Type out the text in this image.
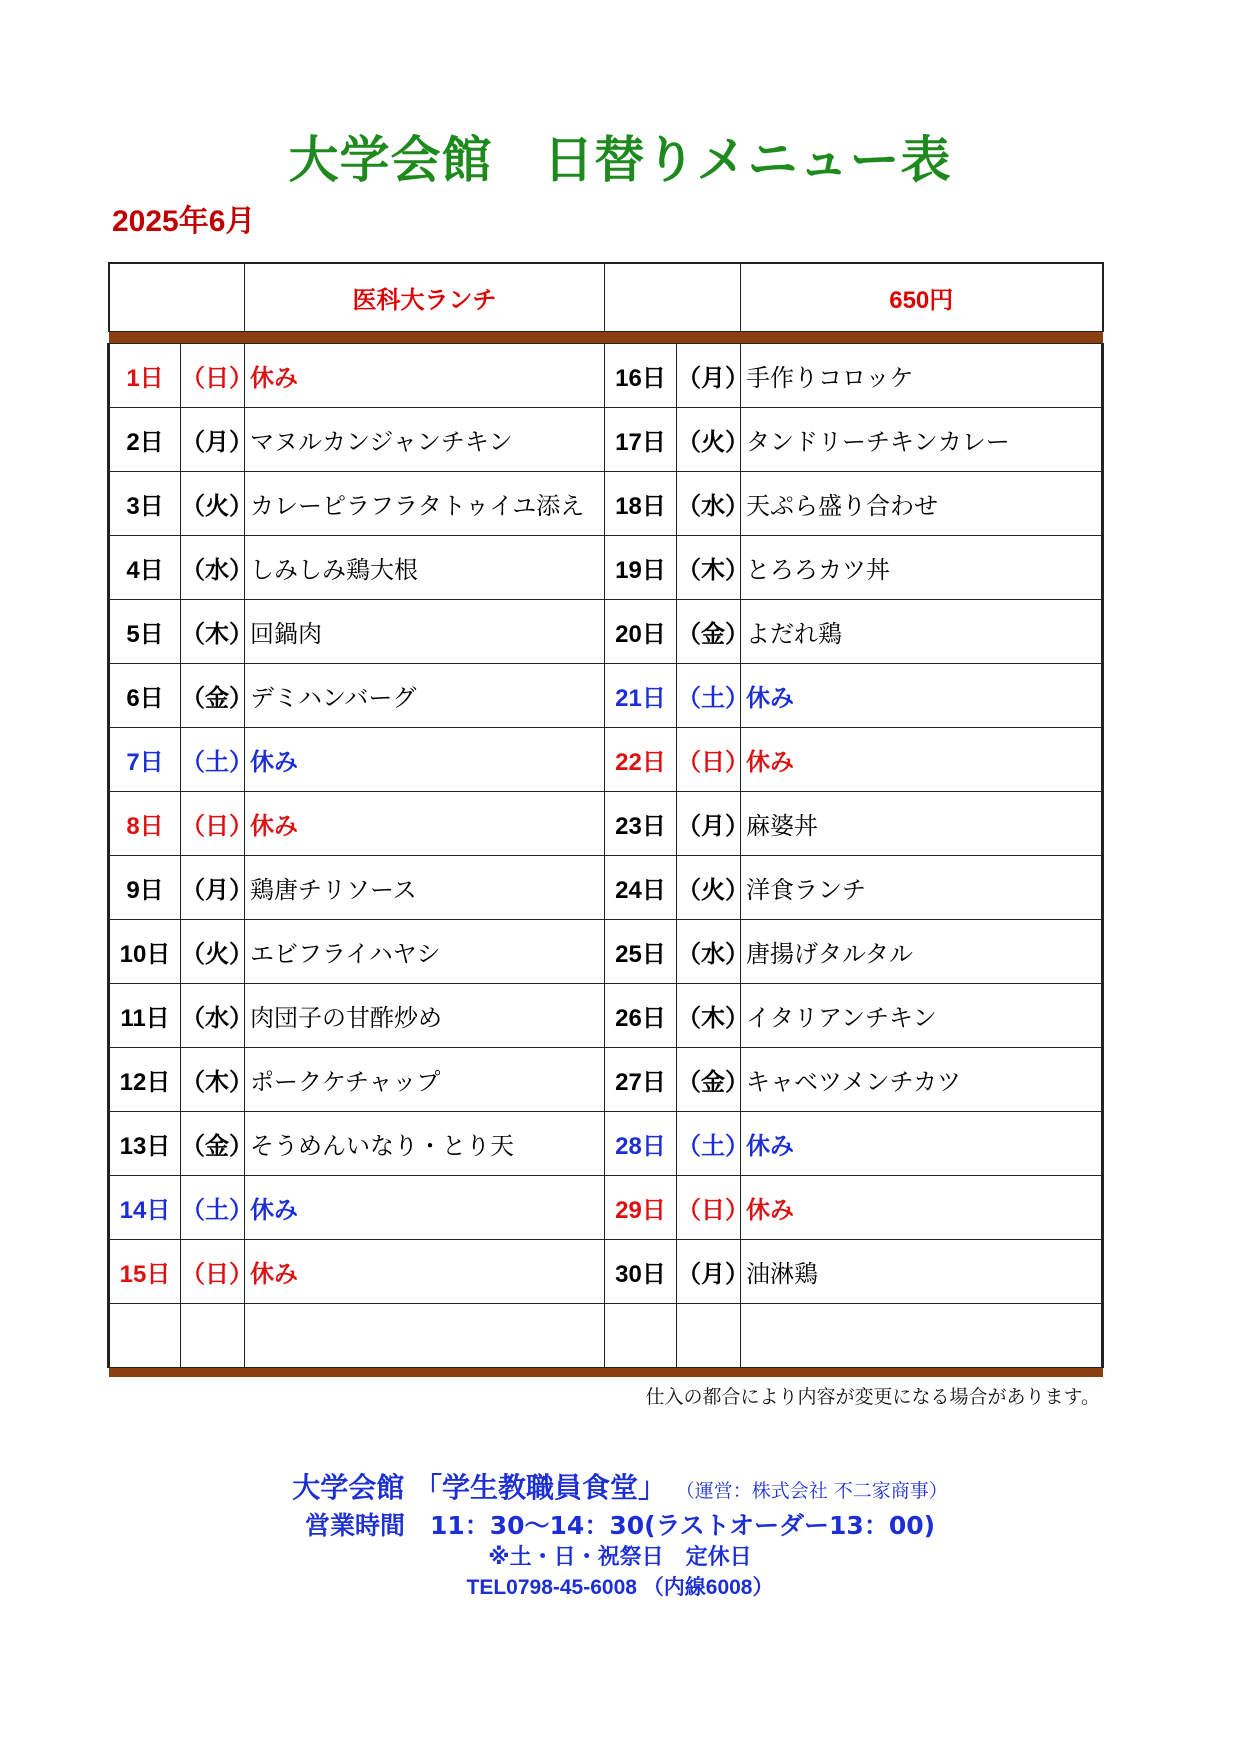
大学会館　日替りメニュー表
2025年6月
		医科大ランチ			650円

1日	（日）	休み	16日	（月）	手作りコロッケ
2日	（月）	マヌルカンジャンチキン	17日	（火）	タンドリーチキンカレー
3日	（火）	カレーピラフラタトゥイユ添え	18日	（水）	天ぷら盛り合わせ
4日	（水）	しみしみ鶏大根	19日	（木）	とろろカツ丼
5日	（木）	回鍋肉	20日	（金）	よだれ鶏
6日	（金）	デミハンバーグ	21日	（土）	休み
7日	（土）	休み	22日	（日）	休み
8日	（日）	休み	23日	（月）	麻婆丼
9日	（月）	鶏唐チリソース	24日	（火）	洋食ランチ
10日	（火）	エビフライハヤシ	25日	（水）	唐揚げタルタル
11日	（水）	肉団子の甘酢炒め	26日	（木）	イタリアンチキン
12日	（木）	ポークケチャップ	27日	（金）	キャベツメンチカツ
13日	（金）	そうめんいなり・とり天	28日	（土）	休み
14日	（土）	休み	29日	（日）	休み
15日	（日）	休み	30日	（月）	油淋鶏

仕入の都合により内容が変更になる場合があります。
大学会館 「学生教職員食堂」 （運営：株式会社 不二家商事）
営業時間　11：30～14：30(ラストオーダー13：00)
※土・日・祝祭日　定休日
TEL0798-45-6008 （内線6008）
